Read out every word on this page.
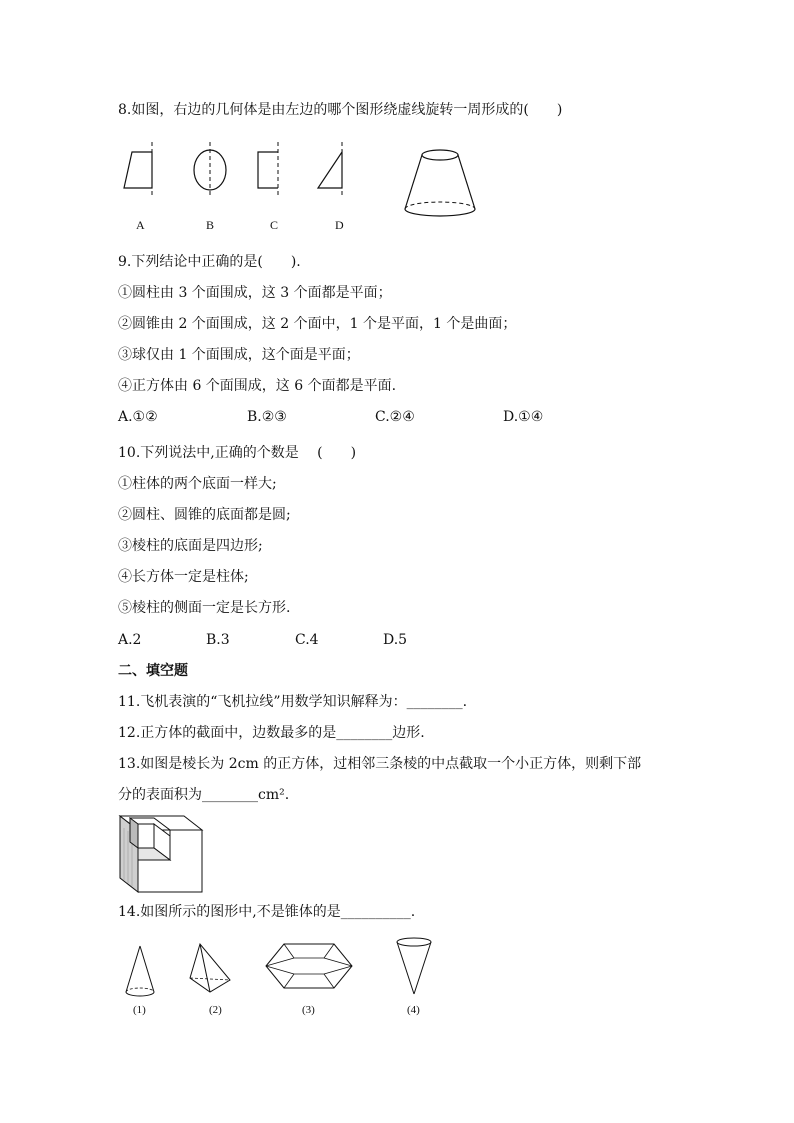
8.如图，右边的几何体是由左边的哪个图形绕虚线旋转一周形成的(　　)
A	B	C	D
9.下列结论中正确的是(　　).
①圆柱由 3 个面围成，这 3 个面都是平面；
②圆锥由 2 个面围成，这 2 个面中，1 个是平面，1 个是曲面；
③球仅由 1 个面围成，这个面是平面；
④正方体由 6 个面围成，这 6 个面都是平面.
A.①②	B.②③	C.②④	D.①④
10.下列说法中,正确的个数是 　(　　)
①柱体的两个底面一样大;
②圆柱、圆锥的底面都是圆;
③棱柱的底面是四边形;
④长方体一定是柱体;
⑤棱柱的侧面一定是长方形.
A.2	B.3	C.4	D.5
二、填空题
11.飞机表演的“飞机拉线”用数学知识解释为：________.
12.正方体的截面中，边数最多的是________边形.
13.如图是棱长为 2cm 的正方体，过相邻三条棱的中点截取一个小正方体，则剩下部
分的表面积为________cm².
14.如图所示的图形中,不是锥体的是__________.
(1)	(2)	(3)	(4)
